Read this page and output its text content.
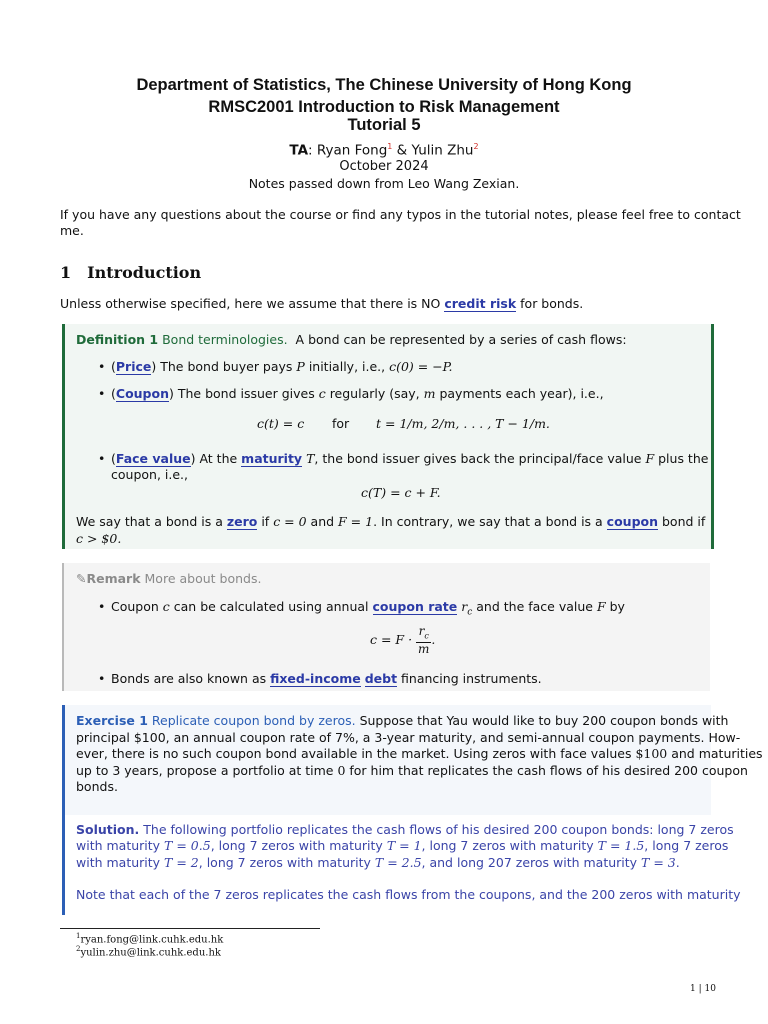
Department of Statistics, The Chinese University of Hong Kong
RMSC2001 Introduction to Risk Management
Tutorial 5
TA: Ryan Fong$^1$ & Yulin Zhu$^2$
October 2024
Notes passed down from Leo Wang Zexian.
If you have any questions about the course or find any typos in the tutorial notes, please feel free to contact
me.
1 Introduction
Unless otherwise specified, here we assume that there is NO credit risk for bonds.
Definition 1 Bond terminologies. A bond can be represented by a series of cash flows:
• (Price) The bond buyer pays P initially, i.e., c(0) = −P.
• (Coupon) The bond issuer gives c regularly (say, m payments each year), i.e.,
c(t) = c for t = 1/m, 2/m, . . . , T − 1/m.
• (Face value) At the maturity T, the bond issuer gives back the principal/face value F plus the
coupon, i.e.,
c(T) = c + F.
We say that a bond is a zero if c = 0 and F = 1. In contrary, we say that a bond is a coupon bond if
c > $0.
✎Remark More about bonds.
• Coupon c can be calculated using annual coupon rate $r_c$ and the face value F by
$c = F \cdot \frac{r_c}{m}$ .
• Bonds are also known as fixed-income debt financing instruments.
Exercise 1 Replicate coupon bond by zeros. Suppose that Yau would like to buy 200 coupon bonds with
principal $100, an annual coupon rate of 7%, a 3-year maturity, and semi-annual coupon payments. How-
ever, there is no such coupon bond available in the market. Using zeros with face values $100 and maturities
up to 3 years, propose a portfolio at time 0 for him that replicates the cash flows of his desired 200 coupon
bonds.
Solution. The following portfolio replicates the cash flows of his desired 200 coupon bonds: long 7 zeros
with maturity T = 0.5, long 7 zeros with maturity T = 1, long 7 zeros with maturity T = 1.5, long 7 zeros
with maturity T = 2, long 7 zeros with maturity T = 2.5, and long 207 zeros with maturity T = 3.
Note that each of the 7 zeros replicates the cash flows from the coupons, and the 200 zeros with maturity
$^1$ryan.fong@link.cuhk.edu.hk
$^2$yulin.zhu@link.cuhk.edu.hk
1 | 10
